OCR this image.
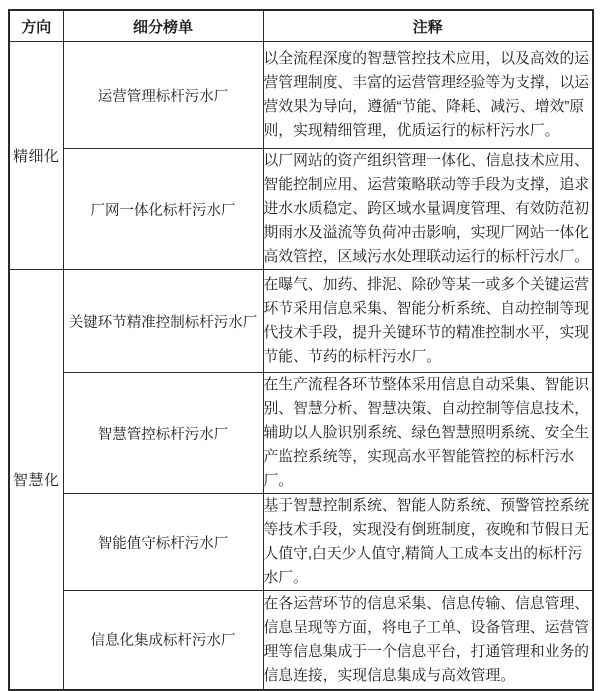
方向	细分榜单	注释
精细化	运营管理标杆污水厂	以全流程深度的智慧管控技术应用，以及高效的运营管理制度、丰富的运营管理经验等为支撑，以运营效果为导向，遵循“节能、降耗、减污、增效”原则，实现精细管理，优质运行的标杆污水厂。
	厂网一体化标杆污水厂	以厂网站的资产组织管理一体化、信息技术应用、智能控制应用、运营策略联动等手段为支撑，追求进水水质稳定、跨区域水量调度管理、有效防范初期雨水及溢流等负荷冲击影响，实现厂网站一体化高效管控，区域污水处理联动运行的标杆污水厂。
智慧化	关键环节精准控制标杆污水厂	在曝气、加药、排泥、除砂等某一或多个关键运营环节采用信息采集、智能分析系统、自动控制等现代技术手段，提升关键环节的精准控制水平，实现节能、节药的标杆污水厂。
	智慧管控标杆污水厂	在生产流程各环节整体采用信息自动采集、智能识别、智慧分析、智慧决策、自动控制等信息技术，辅助以人脸识别系统、绿色智慧照明系统、安全生产监控系统等，实现高水平智能管控的标杆污水厂。
	智能值守标杆污水厂	基于智慧控制系统、智能人防系统、预警管控系统等技术手段，实现没有倒班制度，夜晚和节假日无人值守,白天少人值守,精简人工成本支出的标杆污水厂。
	信息化集成标杆污水厂	在各运营环节的信息采集、信息传输、信息管理、信息呈现等方面，将电子工单、设备管理、运营管理等信息集成于一个信息平台，打通管理和业务的信息连接，实现信息集成与高效管理。
